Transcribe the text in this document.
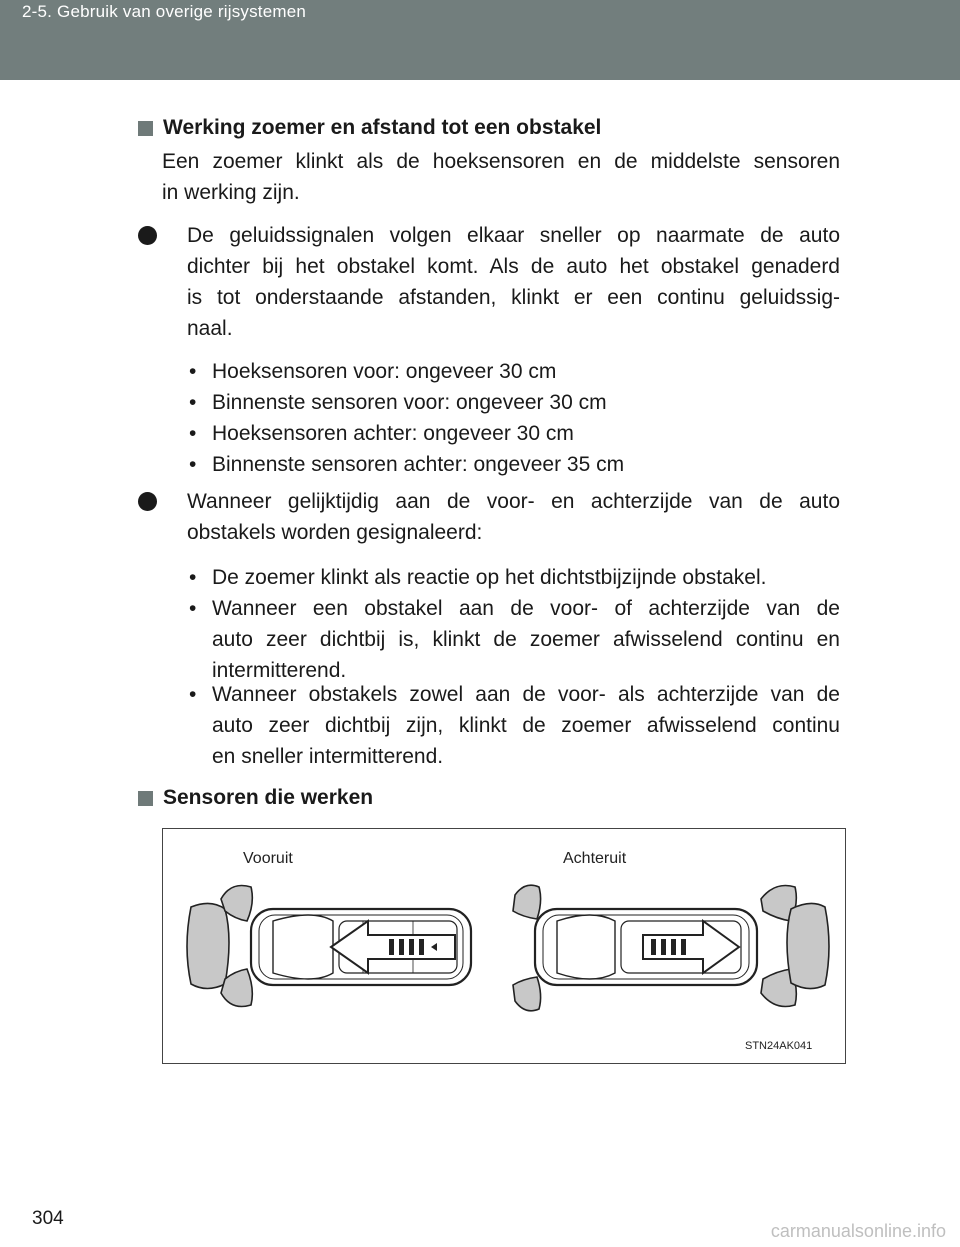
2-5. Gebruik van overige rijsystemen
Werking zoemer en afstand tot een obstakel
Een zoemer klinkt als de hoeksensoren en de middelste sensoren
in werking zijn.
De geluidssignalen volgen elkaar sneller op naarmate de auto
dichter bij het obstakel komt. Als de auto het obstakel genaderd
is tot onderstaande afstanden, klinkt er een continu geluidssig-
naal.
• Hoeksensoren voor: ongeveer 30 cm
• Binnenste sensoren voor: ongeveer 30 cm
• Hoeksensoren achter: ongeveer 30 cm
• Binnenste sensoren achter: ongeveer 35 cm
Wanneer gelijktijdig aan de voor- en achterzijde van de auto
obstakels worden gesignaleerd:
• De zoemer klinkt als reactie op het dichtstbijzijnde obstakel.
• Wanneer een obstakel aan de voor- of achterzijde van de
auto zeer dichtbij is, klinkt de zoemer afwisselend continu en
intermitterend.
• Wanneer obstakels zowel aan de voor- als achterzijde van de
auto zeer dichtbij zijn, klinkt de zoemer afwisselend continu
en sneller intermitterend.
Sensoren die werken
Vooruit	Achteruit
STN24AK041
304
carmanualsonline.info
